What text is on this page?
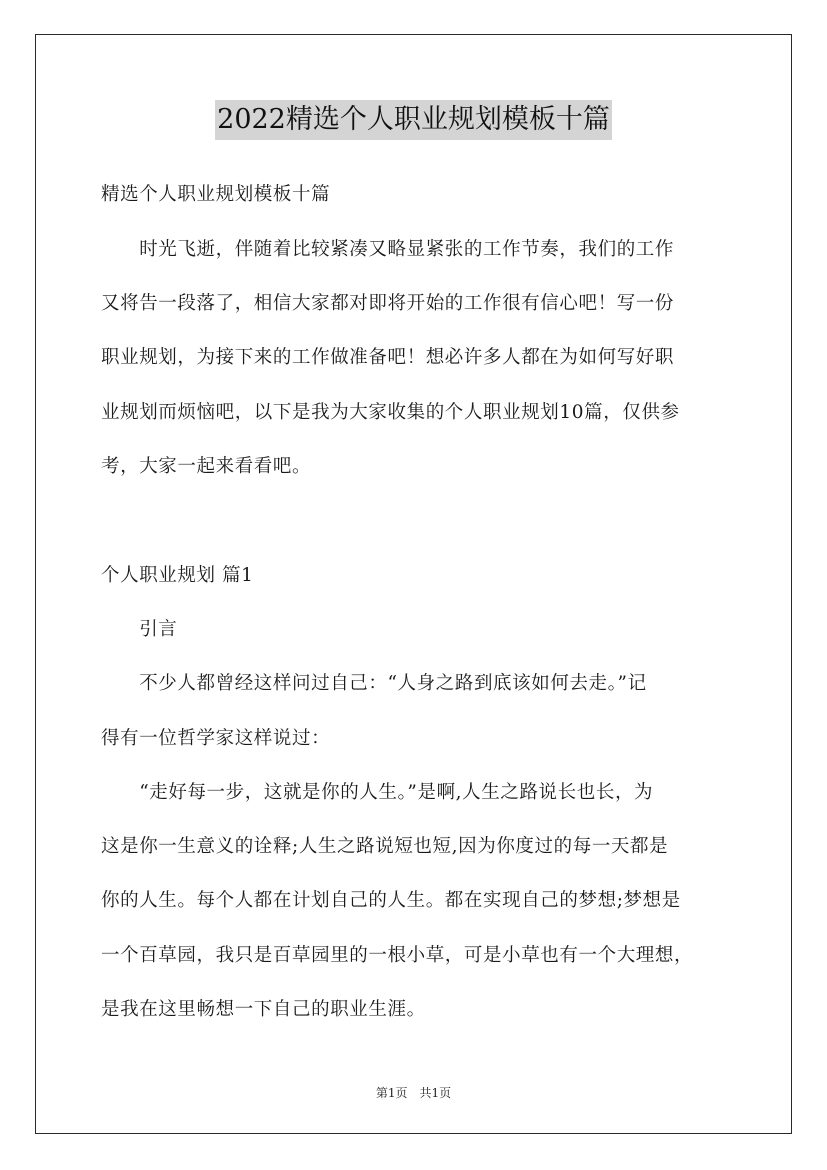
2022精选个人职业规划模板十篇
精选个人职业规划模板十篇
　　时光飞逝，伴随着比较紧凑又略显紧张的工作节奏，我们的工作
又将告一段落了，相信大家都对即将开始的工作很有信心吧！写一份
职业规划，为接下来的工作做准备吧！想必许多人都在为如何写好职
业规划而烦恼吧，以下是我为大家收集的个人职业规划10篇，仅供参
考，大家一起来看看吧。
个人职业规划 篇1
　　引言
　　不少人都曾经这样问过自己：“人身之路到底该如何去走。”记
得有一位哲学家这样说过：
　　“走好每一步，这就是你的人生。”是啊,人生之路说长也长，为
这是你一生意义的诠释;人生之路说短也短,因为你度过的每一天都是
你的人生。每个人都在计划自己的人生。都在实现自己的梦想;梦想是
一个百草园，我只是百草园里的一根小草，可是小草也有一个大理想，
是我在这里畅想一下自己的职业生涯。
第1页　共1页
